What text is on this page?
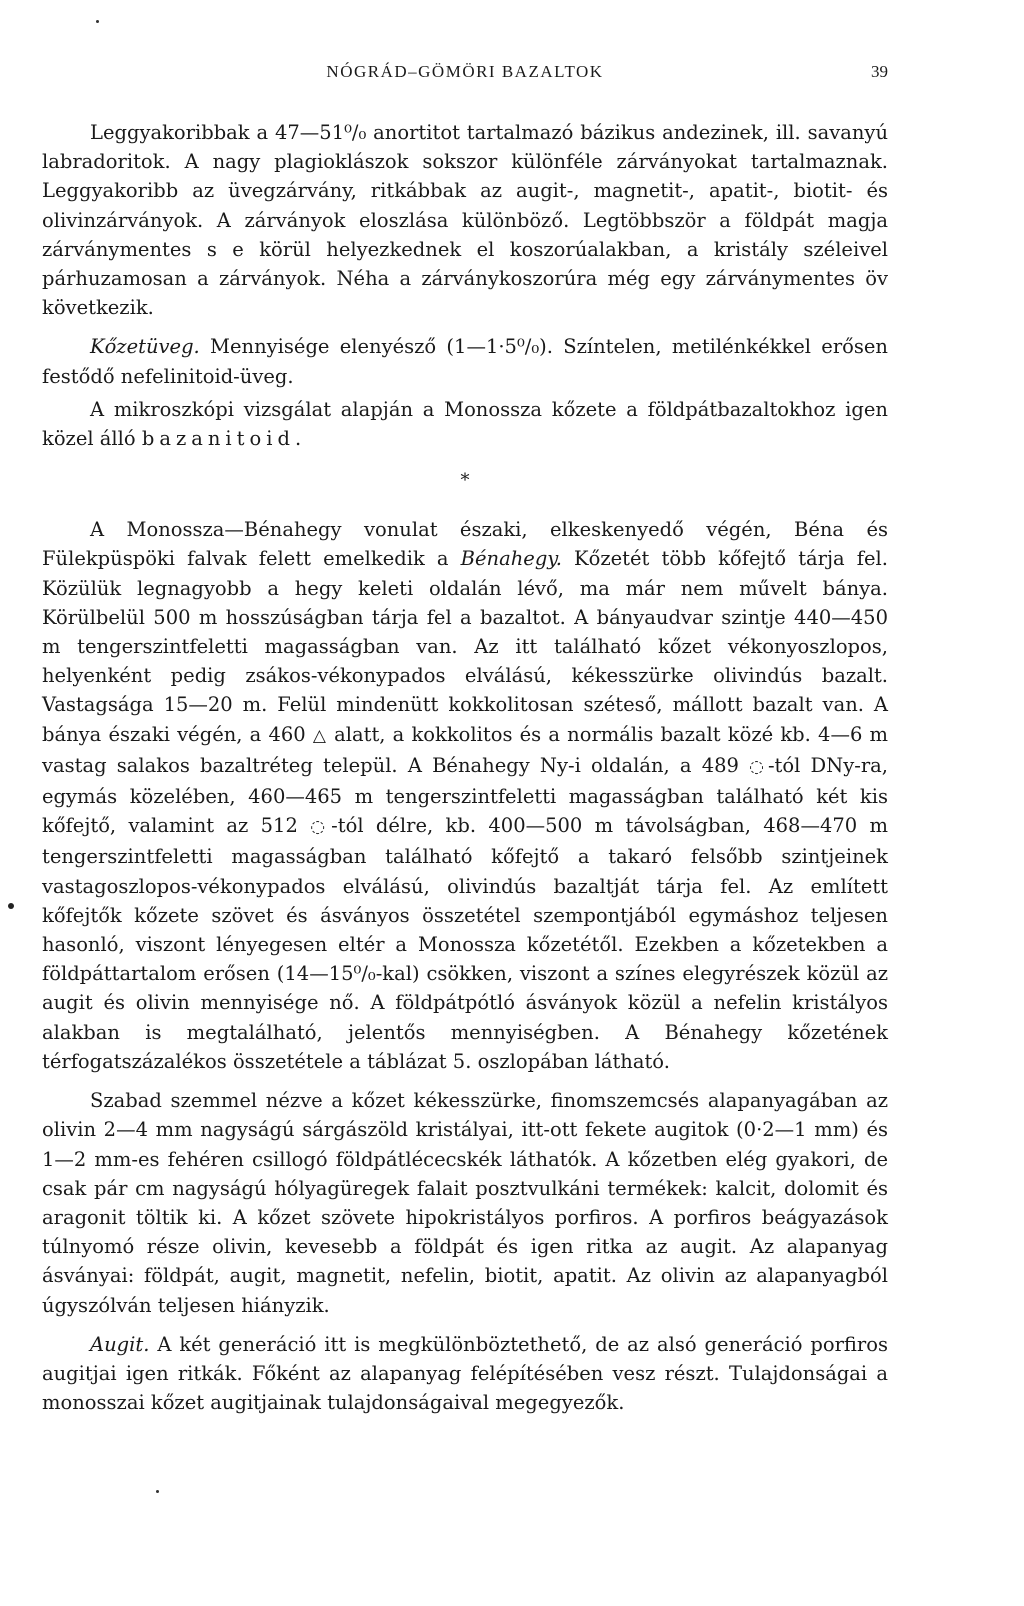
NÓGRÁD–GÖMÖRI BAZALTOK	39

Leggyakoribbak a 47—51⁰/₀ anortitot tartalmazó bázikus andezinek, ill. savanyú labradoritok. A nagy plagioklászok sokszor különféle zárványokat tartalmaznak. Leggyakoribb az üvegzárvány, ritkábbak az augit-, magnetit-, apatit-, biotit- és olivinzárványok. A zárványok eloszlása különböző. Legtöbbször a földpát magja zárványmentes s e körül helyezkednek el koszorúalakban, a kristály széleivel párhuzamosan a zárványok. Néha a zárványkoszorúra még egy zárványmentes öv következik.

Kőzetüveg. Mennyisége elenyésző (1—1·5⁰/₀). Színtelen, metilénkékkel erősen festődő nefelinitoid-üveg.

A mikroszkópi vizsgálat alapján a Monossza kőzete a földpátbazaltokhoz igen közel álló bazanitoid.

*

A Monossza—Bénahegy vonulat északi, elkeskenyedő végén, Béna és Fülekpüspöki falvak felett emelkedik a Bénahegy. Kőzetét több kőfejtő tárja fel. Közülük legnagyobb a hegy keleti oldalán lévő, ma már nem művelt bánya. Körülbelül 500 m hosszúságban tárja fel a bazaltot. A bányaudvar szintje 440—450 m tengerszintfeletti magasságban van. Az itt található kőzet vékonyoszlopos, helyenként pedig zsákos-vékonypados elválású, kékesszürke olivindús bazalt. Vastagsága 15—20 m. Felül mindenütt kokkolitosan széteső, mállott bazalt van. A bánya északi végén, a 460 △ alatt, a kokkolitos és a normális bazalt közé kb. 4—6 m vastag salakos bazaltréteg települ. A Bénahegy Ny-i oldalán, a 489 ◌-tól DNy-ra, egymás közelében, 460—465 m tengerszintfeletti magasságban található két kis kőfejtő, valamint az 512 ◌-tól délre, kb. 400—500 m távolságban, 468—470 m tengerszintfeletti magasságban található kőfejtő a takaró felsőbb szintjeinek vastagoszlopos-vékonypados elválású, olivindús bazaltját tárja fel. Az említett kőfejtők kőzete szövet és ásványos összetétel szempontjából egymáshoz teljesen hasonló, viszont lényegesen eltér a Monossza kőzetétől. Ezekben a kőzetekben a földpáttartalom erősen (14—15⁰/₀-kal) csökken, viszont a színes elegyrészek közül az augit és olivin mennyisége nő. A földpátpótló ásványok közül a nefelin kristályos alakban is megtalálható, jelentős mennyiségben. A Bénahegy kőzetének térfogatszázalékos összetétele a táblázat 5. oszlopában látható.

Szabad szemmel nézve a kőzet kékesszürke, finomszemcsés alapanyagában az olivin 2—4 mm nagyságú sárgászöld kristályai, itt-ott fekete augitok (0·2—1 mm) és 1—2 mm-es fehéren csillogó földpátlécecskék láthatók. A kőzetben elég gyakori, de csak pár cm nagyságú hólyagüregek falait posztvulkáni termékek: kalcit, dolomit és aragonit töltik ki. A kőzet szövete hipokristályos porfiros. A porfiros beágyazások túlnyomó része olivin, kevesebb a földpát és igen ritka az augit. Az alapanyag ásványai: földpát, augit, magnetit, nefelin, biotit, apatit. Az olivin az alapanyagból úgyszólván teljesen hiányzik.

Augit. A két generáció itt is megkülönböztethető, de az alsó generáció porfiros augitjai igen ritkák. Főként az alapanyag felépítésében vesz részt. Tulajdonságai a monosszai kőzet augitjainak tulajdonságaival megegyezők.
